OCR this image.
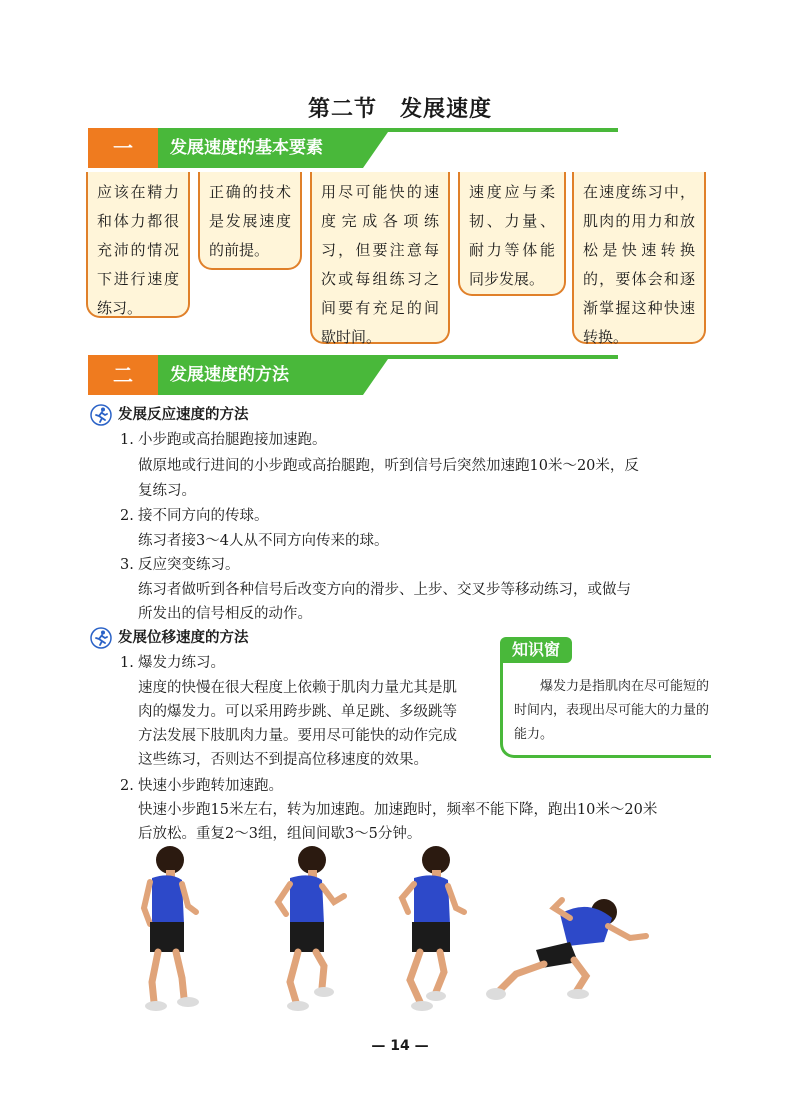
第二节　发展速度
一	发展速度的基本要素
应该在精力和体力都很充沛的情况下进行速度练习。
正确的技术是发展速度的前提。
用尽可能快的速度完成各项练习，但要注意每次或每组练习之间要有充足的间歇时间。
速度应与柔韧、力量、耐力等体能同步发展。
在速度练习中，肌肉的用力和放松是快速转换的，要体会和逐渐掌握这种快速转换。
二	发展速度的方法
发展反应速度的方法
1. 小步跑或高抬腿跑接加速跑。
做原地或行进间的小步跑或高抬腿跑，听到信号后突然加速跑10米～20米，反
复练习。
2. 接不同方向的传球。
练习者接3～4人从不同方向传来的球。
3. 反应突变练习。
练习者做听到各种信号后改变方向的滑步、上步、交叉步等移动练习，或做与
所发出的信号相反的动作。
发展位移速度的方法
1. 爆发力练习。
速度的快慢在很大程度上依赖于肌肉力量尤其是肌
肉的爆发力。可以采用跨步跳、单足跳、多级跳等
方法发展下肢肌肉力量。要用尽可能快的动作完成
这些练习，否则达不到提高位移速度的效果。
2. 快速小步跑转加速跑。
快速小步跑15米左右，转为加速跑。加速跑时，频率不能下降，跑出10米～20米
后放松。重复2～3组，组间间歇3～5分钟。
知识窗
爆发力是指肌肉在尽可能短的时间内，表现出尽可能大的力量的能力。
— 14 —
